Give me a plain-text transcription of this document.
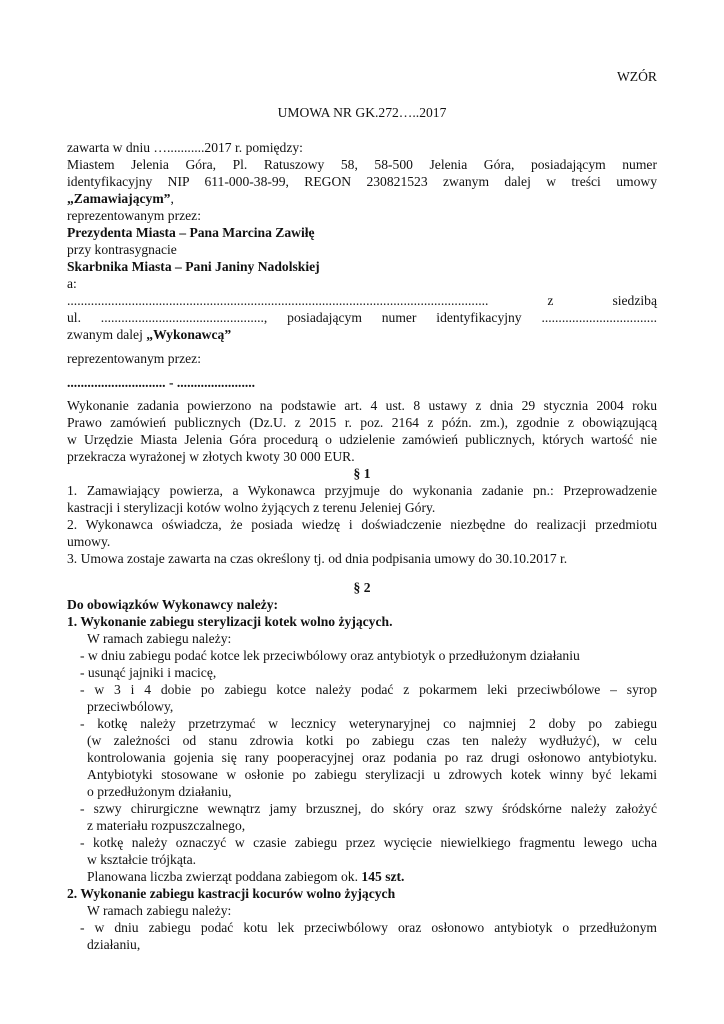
WZÓR
UMOWA NR GK.272…..2017
zawarta w dniu …...........2017 r. pomiędzy:
Miastem Jelenia Góra, Pl. Ratuszowy 58, 58-500 Jelenia Góra, posiadającym numer
identyfikacyjny NIP 611-000-38-99, REGON 230821523 zwanym dalej w treści umowy
„Zamawiającym”,
reprezentowanym przez:
Prezydenta Miasta – Pana Marcina Zawiłę
przy kontrasygnacie
Skarbnika Miasta – Pani Janiny Nadolskiej
a:
............................................................................................................................ z siedzibą
ul. ................................................, posiadającym numer identyfikacyjny ..................................
zwanym dalej „Wykonawcą”
reprezentowanym przez:
............................. - .......................
Wykonanie zadania powierzono na podstawie art. 4 ust. 8 ustawy z dnia 29 stycznia 2004 roku
Prawo zamówień publicznych (Dz.U. z 2015 r. poz. 2164 z późn. zm.), zgodnie z obowiązującą
w Urzędzie Miasta Jelenia Góra procedurą o udzielenie zamówień publicznych, których wartość nie
przekracza wyrażonej w złotych kwoty 30 000 EUR.
§ 1
1. Zamawiający powierza, a Wykonawca przyjmuje do wykonania zadanie pn.: Przeprowadzenie
kastracji i sterylizacji kotów wolno żyjących z terenu Jeleniej Góry.
2. Wykonawca oświadcza, że posiada wiedzę i doświadczenie niezbędne do realizacji przedmiotu
umowy.
3. Umowa zostaje zawarta na czas określony tj. od dnia podpisania umowy do 30.10.2017 r.
§ 2
Do obowiązków Wykonawcy należy:
1. Wykonanie zabiegu sterylizacji kotek wolno żyjących.
W ramach zabiegu należy:
- w dniu zabiegu podać kotce lek przeciwbólowy oraz antybiotyk o przedłużonym działaniu
- usunąć jajniki i macicę,
- w 3 i 4 dobie po zabiegu kotce należy podać z pokarmem leki przeciwbólowe – syrop
przeciwbólowy,
- kotkę należy przetrzymać w lecznicy weterynaryjnej co najmniej 2 doby po zabiegu
(w zależności od stanu zdrowia kotki po zabiegu czas ten należy wydłużyć), w celu
kontrolowania gojenia się rany pooperacyjnej oraz podania po raz drugi osłonowo antybiotyku.
Antybiotyki stosowane w osłonie po zabiegu sterylizacji u zdrowych kotek winny być lekami
o przedłużonym działaniu,
- szwy chirurgiczne wewnątrz jamy brzusznej, do skóry oraz szwy śródskórne należy założyć
z materiału rozpuszczalnego,
- kotkę należy oznaczyć w czasie zabiegu przez wycięcie niewielkiego fragmentu lewego ucha
w kształcie trójkąta.
Planowana liczba zwierząt poddana zabiegom ok. 145 szt.
2. Wykonanie zabiegu kastracji kocurów wolno żyjących
W ramach zabiegu należy:
- w dniu zabiegu podać kotu lek przeciwbólowy oraz osłonowo antybiotyk o przedłużonym
działaniu,
